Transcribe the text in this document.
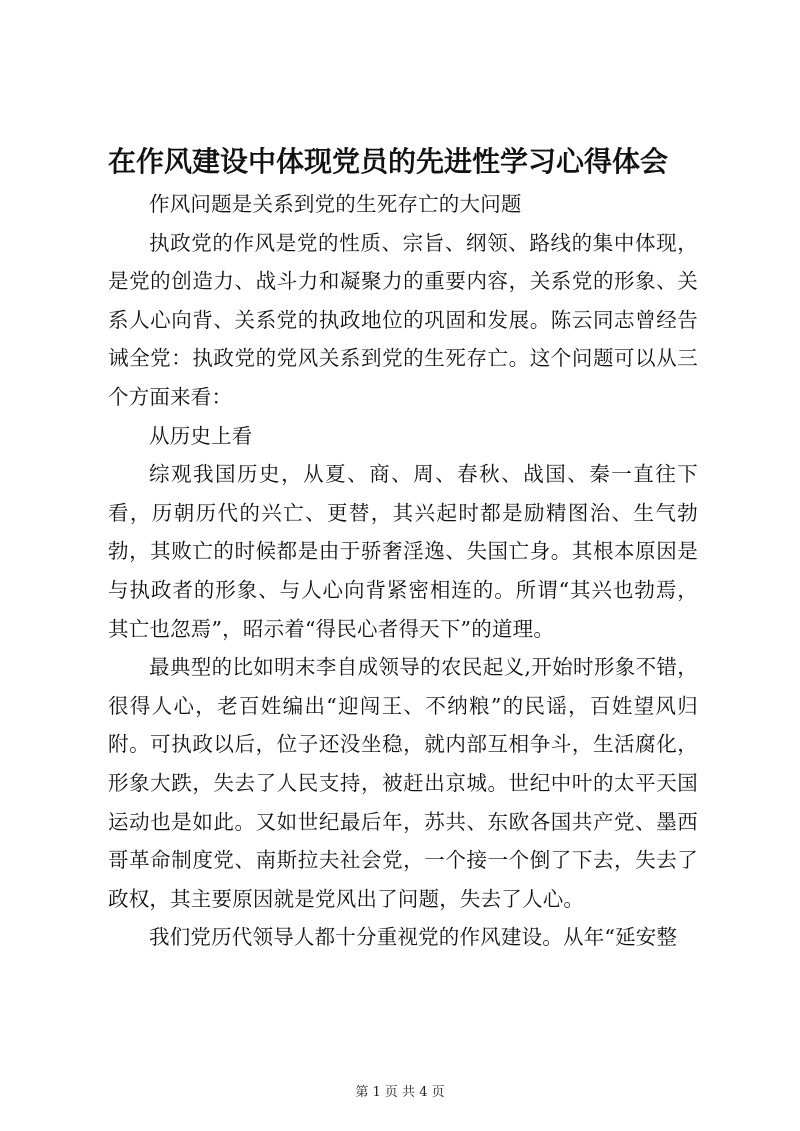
在作风建设中体现党员的先进性学习心得体会

作风问题是关系到党的生死存亡的大问题

执政党的作风是党的性质、宗旨、纲领、路线的集中体现，是党的创造力、战斗力和凝聚力的重要内容，关系党的形象、关系人心向背、关系党的执政地位的巩固和发展。陈云同志曾经告诫全党：执政党的党风关系到党的生死存亡。这个问题可以从三个方面来看：

从历史上看

综观我国历史，从夏、商、周、春秋、战国、秦一直往下看，历朝历代的兴亡、更替，其兴起时都是励精图治、生气勃勃，其败亡的时候都是由于骄奢淫逸、失国亡身。其根本原因是与执政者的形象、与人心向背紧密相连的。所谓“其兴也勃焉，其亡也忽焉”，昭示着“得民心者得天下”的道理。

最典型的比如明末李自成领导的农民起义,开始时形象不错，很得人心，老百姓编出“迎闯王、不纳粮”的民谣，百姓望风归附。可执政以后，位子还没坐稳，就内部互相争斗，生活腐化，形象大跌，失去了人民支持，被赶出京城。世纪中叶的太平天国运动也是如此。又如世纪最后年，苏共、东欧各国共产党、墨西哥革命制度党、南斯拉夫社会党，一个接一个倒了下去，失去了政权，其主要原因就是党风出了问题，失去了人心。

我们党历代领导人都十分重视党的作风建设。从年“延安整

第 1 页 共 4 页
